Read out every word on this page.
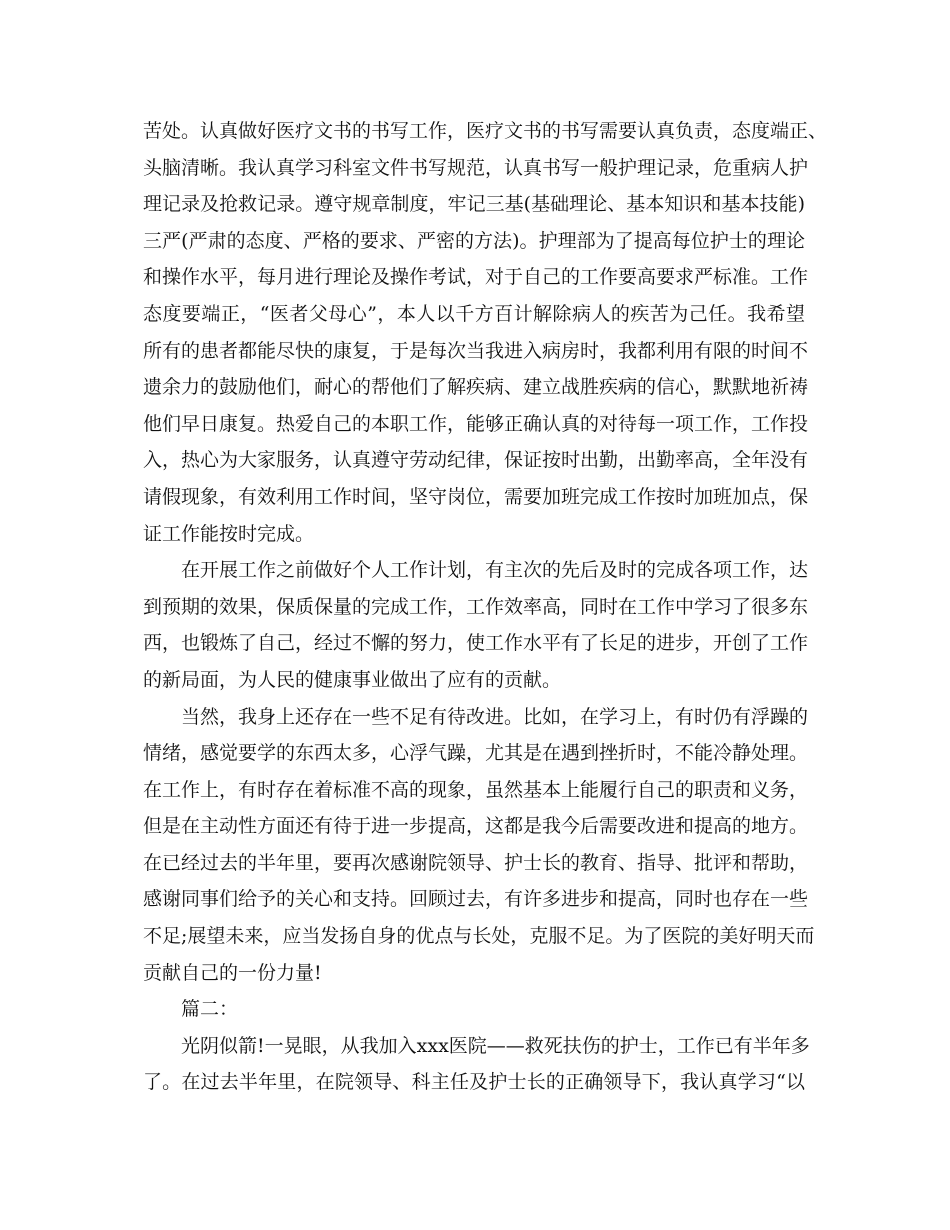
苦处。认真做好医疗文书的书写工作，医疗文书的书写需要认真负责，态度端正、
头脑清晰。我认真学习科室文件书写规范，认真书写一般护理记录，危重病人护
理记录及抢救记录。遵守规章制度，牢记三基(基础理论、基本知识和基本技能)
三严(严肃的态度、严格的要求、严密的方法)。护理部为了提高每位护士的理论
和操作水平，每月进行理论及操作考试，对于自己的工作要高要求严标准。工作
态度要端正，“医者父母心”，本人以千方百计解除病人的疾苦为己任。我希望
所有的患者都能尽快的康复，于是每次当我进入病房时，我都利用有限的时间不
遗余力的鼓励他们，耐心的帮他们了解疾病、建立战胜疾病的信心，默默地祈祷
他们早日康复。热爱自己的本职工作，能够正确认真的对待每一项工作，工作投
入，热心为大家服务，认真遵守劳动纪律，保证按时出勤，出勤率高，全年没有
请假现象，有效利用工作时间，坚守岗位，需要加班完成工作按时加班加点，保
证工作能按时完成。
在开展工作之前做好个人工作计划，有主次的先后及时的完成各项工作，达
到预期的效果，保质保量的完成工作，工作效率高，同时在工作中学习了很多东
西，也锻炼了自己，经过不懈的努力，使工作水平有了长足的进步，开创了工作
的新局面，为人民的健康事业做出了应有的贡献。
当然，我身上还存在一些不足有待改进。比如，在学习上，有时仍有浮躁的
情绪，感觉要学的东西太多，心浮气躁，尤其是在遇到挫折时，不能冷静处理。
在工作上，有时存在着标准不高的现象，虽然基本上能履行自己的职责和义务，
但是在主动性方面还有待于进一步提高，这都是我今后需要改进和提高的地方。
在已经过去的半年里，要再次感谢院领导、护士长的教育、指导、批评和帮助，
感谢同事们给予的关心和支持。回顾过去，有许多进步和提高，同时也存在一些
不足;展望未来，应当发扬自身的优点与长处，克服不足。为了医院的美好明天而
贡献自己的一份力量!
篇二：
光阴似箭!一晃眼，从我加入xxx医院——救死扶伤的护士，工作已有半年多
了。在过去半年里，在院领导、科主任及护士长的正确领导下，我认真学习“以
